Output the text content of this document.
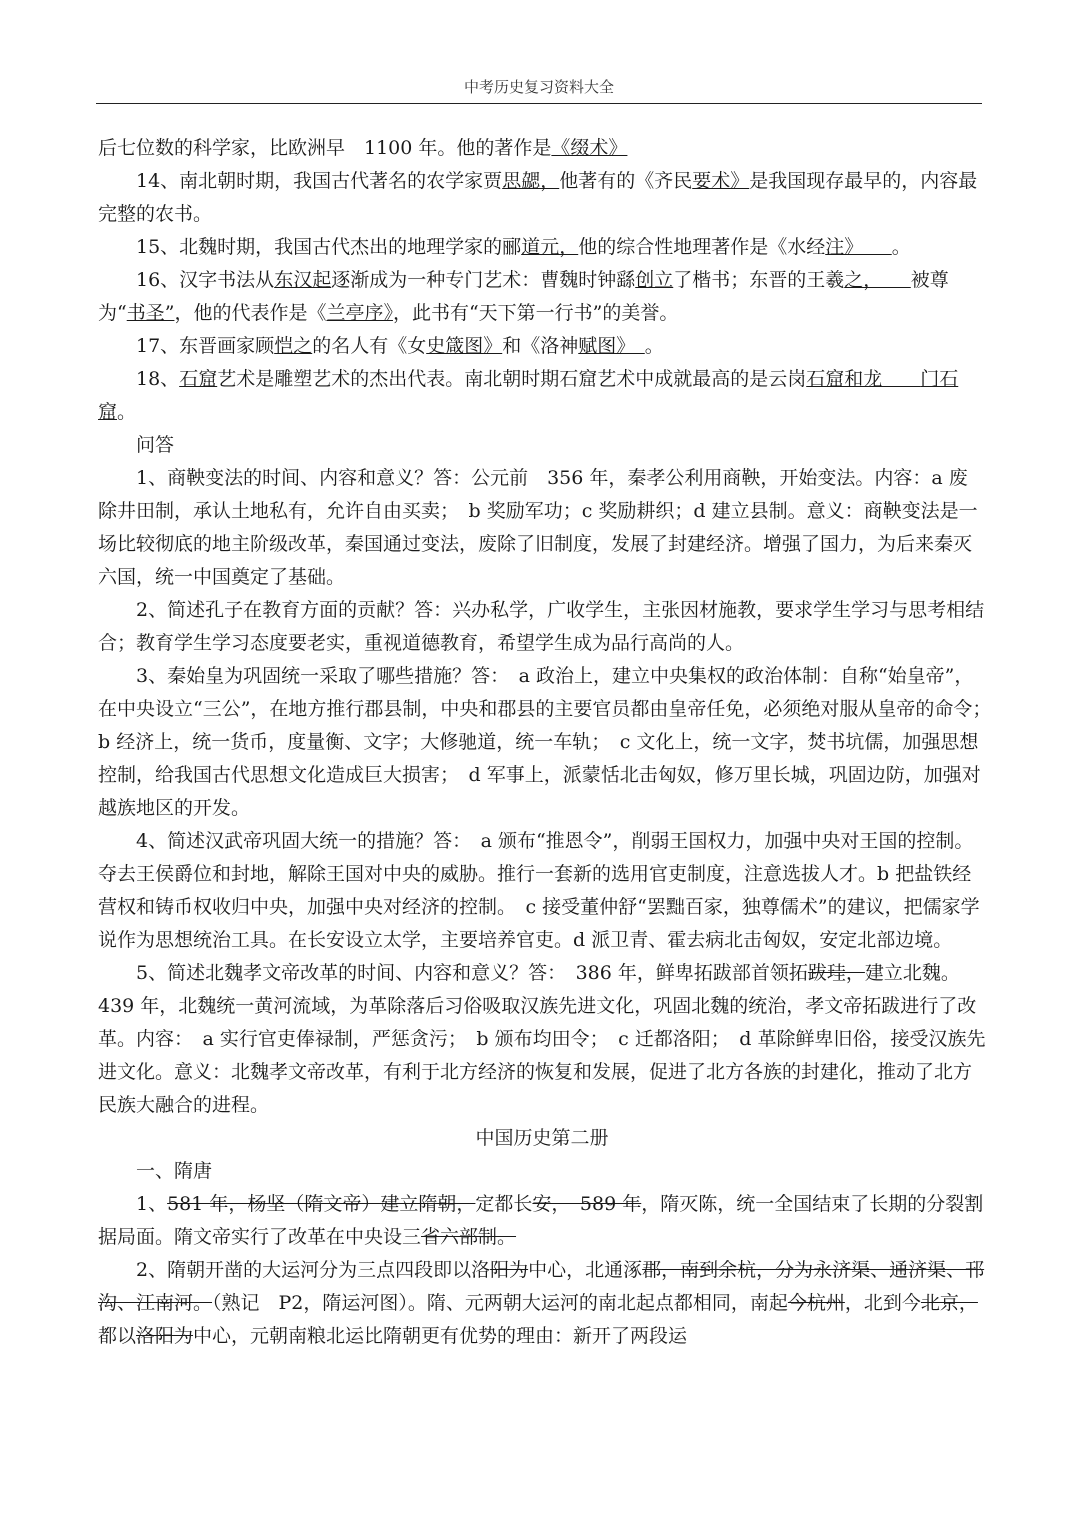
中考历史复习资料大全

后七位数的科学家，比欧洲早　1100 年。他的著作是《缀术》

14、南北朝时期，我国古代著名的农学家贾思勰，他著有的《齐民要术》是我国现存最早的，内容最完整的农书。

15、北魏时期，我国古代杰出的地理学家的郦道元，他的综合性地理著作是《水经注》　　。

16、汉字书法从东汉起逐渐成为一种专门艺术：曹魏时钟繇创立了楷书；东晋的王羲之，　　被尊为“书圣”，他的代表作是《兰亭序》，此书有“天下第一行书”的美誉。

17、东晋画家顾恺之的名人有《女史箴图》和《洛神赋图》　。

18、石窟艺术是雕塑艺术的杰出代表。南北朝时期石窟艺术中成就最高的是云岗石窟和龙　　门石窟。

问答

1、商鞅变法的时间、内容和意义？答：公元前　356 年，秦孝公利用商鞅，开始变法。内容：a 废除井田制，承认土地私有，允许自由买卖；　b 奖励军功；c 奖励耕织；d 建立县制。意义：商鞅变法是一场比较彻底的地主阶级改革，秦国通过变法，废除了旧制度，发展了封建经济。增强了国力，为后来秦灭六国，统一中国奠定了基础。

2、简述孔子在教育方面的贡献？答：兴办私学，广收学生，主张因材施教，要求学生学习与思考相结合；教育学生学习态度要老实，重视道德教育，希望学生成为品行高尚的人。

3、秦始皇为巩固统一采取了哪些措施？答：　a 政治上，建立中央集权的政治体制：自称“始皇帝”，在中央设立“三公”，在地方推行郡县制，中央和郡县的主要官员都由皇帝任免，必须绝对服从皇帝的命令；　b 经济上，统一货币，度量衡、文字；大修驰道，统一车轨；　c 文化上，统一文字，焚书坑儒，加强思想控制，给我国古代思想文化造成巨大损害；　d 军事上，派蒙恬北击匈奴，修万里长城，巩固边防，加强对越族地区的开发。

4、简述汉武帝巩固大统一的措施？答：　a 颁布“推恩令”，削弱王国权力，加强中央对王国的控制。夺去王侯爵位和封地，解除王国对中央的威胁。推行一套新的选用官吏制度，注意选拔人才。b 把盐铁经营权和铸币权收归中央，加强中央对经济的控制。　c 接受董仲舒“罢黜百家，独尊儒术”的建议，把儒家学说作为思想统治工具。在长安设立太学，主要培养官吏。d 派卫青、霍去病北击匈奴，安定北部边境。

5、简述北魏孝文帝改革的时间、内容和意义？答：　386 年，鲜卑拓跋部首领拓跋珪，建立北魏。439 年，北魏统一黄河流域，为革除落后习俗吸取汉族先进文化，巩固北魏的统治，孝文帝拓跋进行了改革。内容：　a 实行官吏俸禄制，严惩贪污；　b 颁布均田令；　c 迁都洛阳；　d 革除鲜卑旧俗，接受汉族先进文化。意义：北魏孝文帝改革，有利于北方经济的恢复和发展，促进了北方各族的封建化，推动了北方民族大融合的进程。

中国历史第二册

一、隋唐

1、581 年，杨坚（隋文帝）建立隋朝，定都长安，　589 年，隋灭陈，统一全国结束了长期的分裂割据局面。隋文帝实行了改革在中央设三省六部制。

2、隋朝开凿的大运河分为三点四段即以洛阳为中心，北通涿郡，南到余杭，分为永济渠、通济渠、邗沟、江南河。（熟记　P2，隋运河图）。隋、元两朝大运河的南北起点都相同，南起今杭州，北到今北京，都以洛阳为中心，元朝南粮北运比隋朝更有优势的理由：新开了两段运
